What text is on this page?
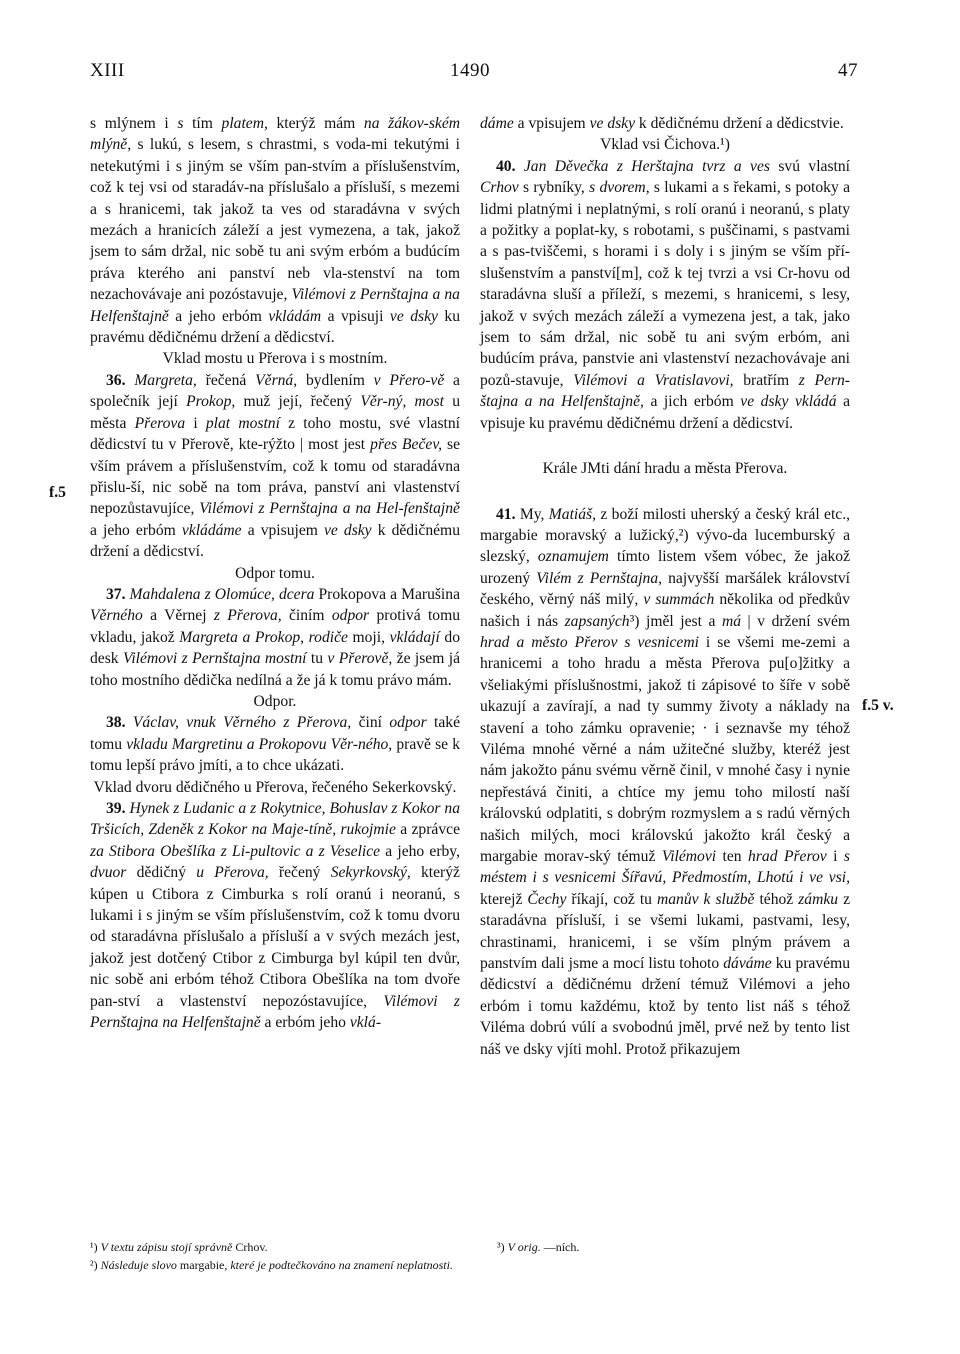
XIII	1490	47

s mlýnem i s tím platem, kterýž mám na žákov-ském mlýně, s lukú, s lesem, s chrastmi, s voda-mi tekutými i netekutými i s jiným se vším pan-stvím a příslušenstvím, což k tej vsi od staradáv-na příslušalo a přísluší, s mezemi a s hranicemi, tak jakož ta ves od staradávna v svých mezách a hranicích záleží a jest vymezena, a tak, jakož jsem to sám držal, nic sobě tu ani svým erbóm a budúcím práva kterého ani panství neb vla-stenství na tom nezachovávaje ani pozóstavuje, Vilémovi z Pernštajna a na Helfenštajně a jeho erbóm vkládám a vpisuji ve dsky ku pravému dědičnému držení a dědicství.

Vklad mostu u Přerova i s mostním.

36. Margreta, řečená Věrná, bydlením v Přero-vě a společník její Prokop, muž její, řečený Věr-ný, most u města Přerova i plat mostní z toho mostu, své vlastní dědicství tu v Přerově, kte-rýžto | most jest přes Bečev, se vším právem a příslušenstvím, což k tomu od staradávna přislu-ší, nic sobě na tom práva, panství ani vlastenství nepozůstavujíce, Vilémovi z Pernštajna a na Hel-fenštajně a jeho erbóm vkládáme a vpisujem ve dsky k dědičnému držení a dědicství.

Odpor tomu.

37. Mahdalena z Olomúce, dcera Prokopova a Marušina Věrného a Věrnej z Přerova, činím odpor protivá tomu vkladu, jakož Margreta a Prokop, rodiče moji, vkládají do desk Vilémovi z Pernštajna mostní tu v Přerově, že jsem já toho mostního dědička nedílná a že já k tomu právo mám.

Odpor.

38. Václav, vnuk Věrného z Přerova, činí odpor také tomu vkladu Margretinu a Prokopovu Věr-ného, pravě se k tomu lepší právo jmíti, a to chce ukázati.

Vklad dvoru dědičného u Přerova, řečeného Sekerkovský.

39. Hynek z Ludanic a z Rokytnice, Bohuslav z Kokor na Tršicích, Zdeněk z Kokor na Maje-tíně, rukojmie a zprávce za Stibora Obešlíka z Li-pultovic a z Veselice a jeho erby, dvuor dědičný u Přerova, řečený Sekyrkovský, kterýž kúpen u Ctibora z Cimburka s rolí oranú i neoranú, s lukami i s jiným se vším příslušenstvím, což k tomu dvoru od staradávna příslušalo a přísluší a v svých mezách jest, jakož jest dotčený Ctibor z Cimburga byl kúpil ten dvůr, nic sobě ani erbóm téhož Ctibora Obešlíka na tom dvoře pan-ství a vlastenství nepozóstavujíce, Vilémovi z Pernštajna na Helfenštajně a erbóm jeho vklá-

dáme a vpisujem ve dsky k dědičnému držení a dědicstvie.

Vklad vsi Čichova.¹)

40. Jan Děvečka z Herštajna tvrz a ves svú vlastní Crhov s rybníky, s dvorem, s lukami a s řekami, s potoky a lidmi platnými i neplatnými, s rolí oranú i neoranú, s platy a požitky a poplat-ky, s robotami, s puščinami, s pastvami a s pas-tviščemi, s horami i s doly i s jiným se vším pří-slušenstvím a panství[m], což k tej tvrzi a vsi Cr-hovu od staradávna sluší a přílеží, s mezemi, s hranicemi, s lesy, jakož v svých mezách záleží a vymezena jest, a tak, jako jsem to sám držal, nic sobě tu ani svým erbóm, ani budúcím práva, panstvie ani vlastenství nezachovávaje ani pozů-stavuje, Vilémovi a Vratislavovi, bratřím z Pern-štajna a na Helfenštajně, a jich erbóm ve dsky vkládá a vpisuje ku pravému dědičnému držení a dědicství.

Krále JMti dání hradu a města Přerova.

41. My, Matiáš, z boží milosti uherský a český král etc., margabie moravský a lužický,²) vývo-da lucemburský a slezský, oznamujem tímto listem všem vóbec, že jakož urozený Vilém z Pernštajna, najvyšší maršálek království českého, věrný náš milý, v summách několika od předkův našich i nás zapsaných³) jměl jest a má | v držení svém hrad a město Přerov s vesnicemi i se všemi me-zemi a hranicemi a toho hradu a města Přerova pu[o]žitky a všeliakými příslušnostmi, jakož ti zápisové to šíře v sobě ukazují a zavírají, a nad ty summy životy a náklady na stavení a toho zámku opravenie; · i seznavše my téhož Viléma mnohé věrné a nám užitečné služby, kteréž jest nám jakožto pánu svému věrně činil, v mnohé časy i nynie nepřestává činiti, a chtíce my jemu toho milostí naší královskú odplatiti, s dobrým rozmyslem a s radú věrných našich milých, moci královskú jakožto král český a margabie morav-ský témuž Vilémovi ten hrad Přerov i s méstem i s vesnicemi Šířavú, Předmostím, Lhotú i ve vsi, kterejž Čechy říkají, což tu manův k službě téhož zámku z staradávna přísluší, i se všemi lukami, pastvami, lesy, chrastinami, hranicemi, i se vším plným právem a panstvím dali jsme a mocí listu tohoto dáváme ku pravému dědicství a dědičnému držení témuž Vilémovi a jeho erbóm i tomu každému, ktož by tento list náš s téhož Viléma dobrú vúlí a svobodnú jměl, prvé než by tento list náš ve dsky vjíti mohl. Protož přikazujem

f.5
f.5 v.
¹) V textu zápisu stojí správně Crhov.
²) Následuje slovo margabie, které je podtečkováno na znamení neplatnosti.
³) V orig. —ních.
